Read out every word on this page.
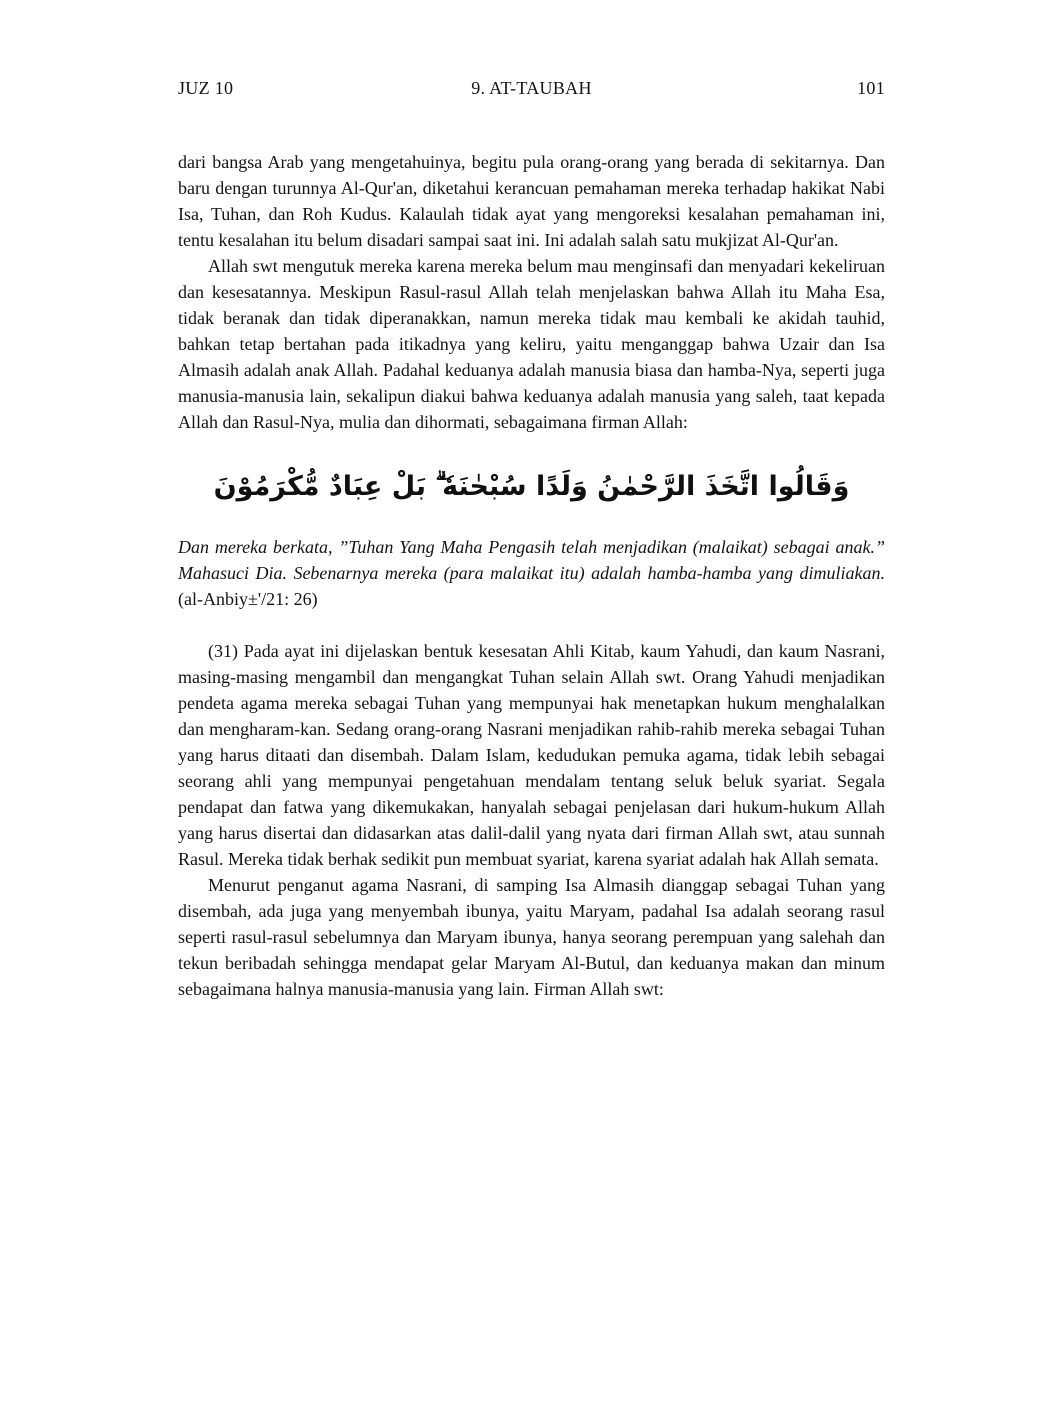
JUZ 10	9. AT-TAUBAH	101

dari bangsa Arab yang mengetahuinya, begitu pula orang-orang yang berada di sekitarnya. Dan baru dengan turunnya Al-Qur'an, diketahui kerancuan pemahaman mereka terhadap hakikat Nabi Isa, Tuhan, dan Roh Kudus. Kalaulah tidak ayat yang mengoreksi kesalahan pemahaman ini, tentu kesalahan itu belum disadari sampai saat ini. Ini adalah salah satu mukjizat Al-Qur'an.

Allah swt mengutuk mereka karena mereka belum mau menginsafi dan menyadari kekeliruan dan kesesatannya. Meskipun Rasul-rasul Allah telah menjelaskan bahwa Allah itu Maha Esa, tidak beranak dan tidak diperanakkan, namun mereka tidak mau kembali ke akidah tauhid, bahkan tetap bertahan pada itikadnya yang keliru, yaitu menganggap bahwa Uzair dan Isa Almasih adalah anak Allah. Padahal keduanya adalah manusia biasa dan hamba-Nya, seperti juga manusia-manusia lain, sekalipun diakui bahwa keduanya adalah manusia yang saleh, taat kepada Allah dan Rasul-Nya, mulia dan dihormati, sebagaimana firman Allah:

وَقَالُوا اتَّخَذَ الرَّحْمٰنُ وَلَدًا سُبْحٰنَهٗ ۗ بَلْ عِبَادٌ مُّكْرَمُوْنَ

Dan mereka berkata, ”Tuhan Yang Maha Pengasih telah menjadikan (malaikat) sebagai anak.” Mahasuci Dia. Sebenarnya mereka (para malaikat itu) adalah hamba-hamba yang dimuliakan. (al-Anbiy±'/21: 26)

(31) Pada ayat ini dijelaskan bentuk kesesatan Ahli Kitab, kaum Yahudi, dan kaum Nasrani, masing-masing mengambil dan mengangkat Tuhan selain Allah swt. Orang Yahudi menjadikan pendeta agama mereka sebagai Tuhan yang mempunyai hak menetapkan hukum menghalalkan dan mengharam-kan. Sedang orang-orang Nasrani menjadikan rahib-rahib mereka sebagai Tuhan yang harus ditaati dan disembah. Dalam Islam, kedudukan pemuka agama, tidak lebih sebagai seorang ahli yang mempunyai pengetahuan mendalam tentang seluk beluk syariat. Segala pendapat dan fatwa yang dikemukakan, hanyalah sebagai penjelasan dari hukum-hukum Allah yang harus disertai dan didasarkan atas dalil-dalil yang nyata dari firman Allah swt, atau sunnah Rasul. Mereka tidak berhak sedikit pun membuat syariat, karena syariat adalah hak Allah semata.

Menurut penganut agama Nasrani, di samping Isa Almasih dianggap sebagai Tuhan yang disembah, ada juga yang menyembah ibunya, yaitu Maryam, padahal Isa adalah seorang rasul seperti rasul-rasul sebelumnya dan Maryam ibunya, hanya seorang perempuan yang salehah dan tekun beribadah sehingga mendapat gelar Maryam Al-Butul, dan keduanya makan dan minum sebagaimana halnya manusia-manusia yang lain. Firman Allah swt:
